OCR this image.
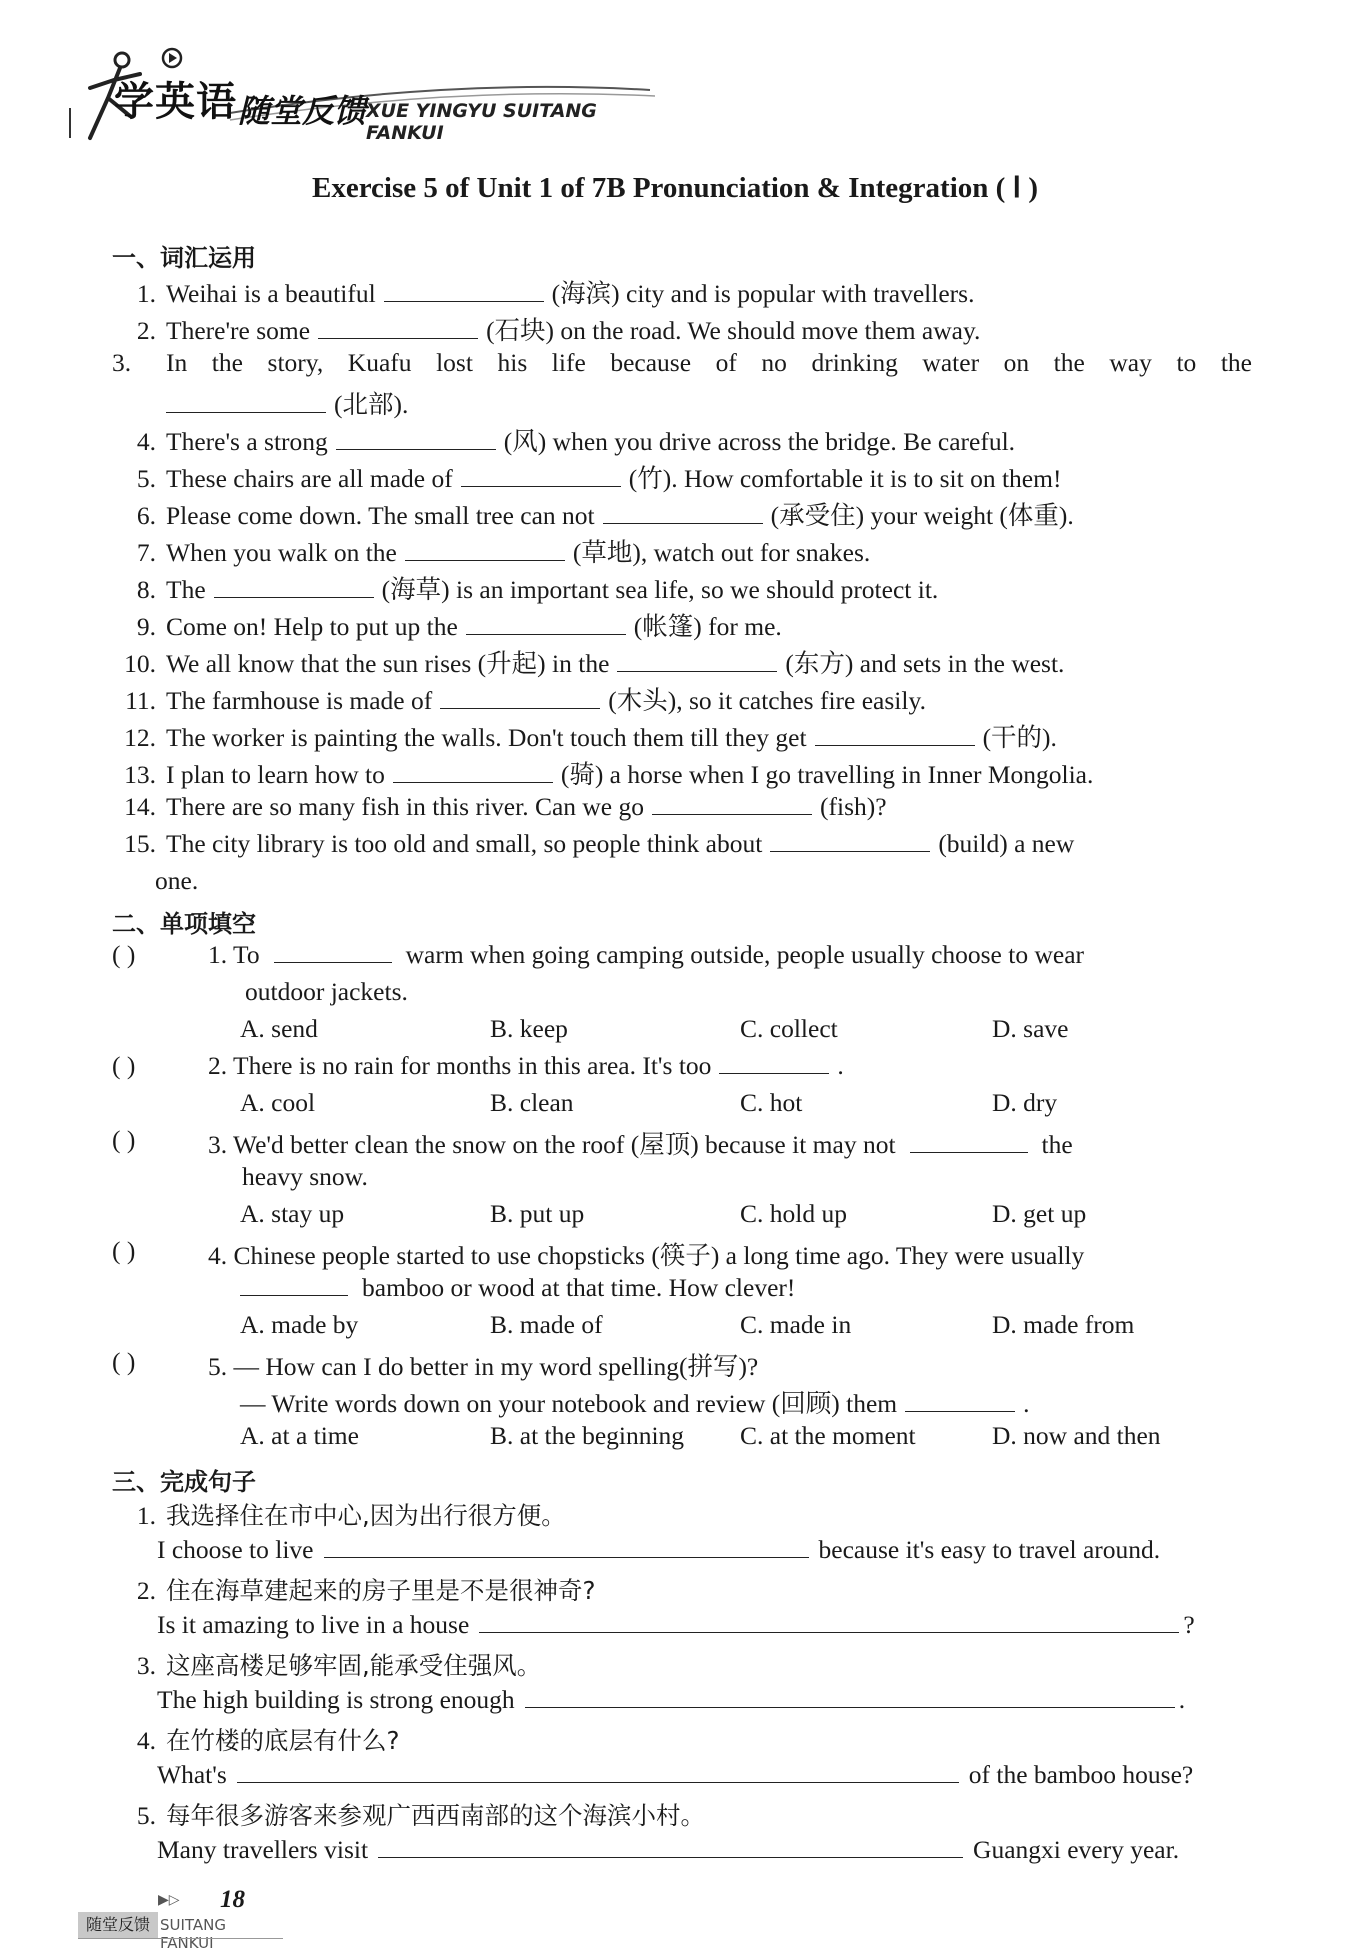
学英语 随堂反馈 XUE YINGYU SUITANG FANKUI
Exercise 5 of Unit 1 of 7B Pronunciation & Integration ( Ⅰ )
一、词汇运用
1. Weihai is a beautiful	(海滨) city and is popular with travellers.
2. There're some	(石块) on the road. We should move them away.
3. In the story, Kuafu lost his life because of no drinking water on the way to the
(北部).
4. There's a strong	(风) when you drive across the bridge. Be careful.
5. These chairs are all made of	(竹). How comfortable it is to sit on them!
6. Please come down. The small tree can not	(承受住) your weight (体重).
7. When you walk on the	(草地), watch out for snakes.
8. The	(海草) is an important sea life, so we should protect it.
9. Come on! Help to put up the	(帐篷) for me.
10. We all know that the sun rises (升起) in the	(东方) and sets in the west.
11. The farmhouse is made of	(木头), so it catches fire easily.
12. The worker is painting the walls. Don't touch them till they get	(干的).
13. I plan to learn how to	(骑) a horse when I go travelling in Inner Mongolia.
14. There are so many fish in this river. Can we go	(fish)?
15. The city library is too old and small, so people think about	(build) a new
one.
二、单项填空
( )	1. To	warm when going camping outside, people usually choose to wear
outdoor jackets.
A. send	B. keep	C. collect	D. save
( )	2. There is no rain for months in this area. It's too	.
A. cool	B. clean	C. hot	D. dry
( )	3. We'd better clean the snow on the roof (屋顶) because it may not	the
heavy snow.
A. stay up	B. put up	C. hold up	D. get up
( )	4. Chinese people started to use chopsticks (筷子) a long time ago. They were usually
bamboo or wood at that time. How clever!
A. made by	B. made of	C. made in	D. made from
( )	5. — How can I do better in my word spelling(拼写)?
— Write words down on your notebook and review (回顾) them	.
A. at a time	B. at the beginning C. at the moment	D. now and then
三、完成句子
1. 我选择住在市中心,因为出行很方便。
I choose to live	because it's easy to travel around.
2. 住在海草建起来的房子里是不是很神奇?
Is it amazing to live in a house	?
3. 这座高楼足够牢固,能承受住强风。
The high building is strong enough	.
4. 在竹楼的底层有什么?
What's	of the bamboo house?
5. 每年很多游客来参观广西西南部的这个海滨小村。
Many travellers visit	Guangxi every year.
▶▷ 18
随堂反馈 SUITANG FANKUI
